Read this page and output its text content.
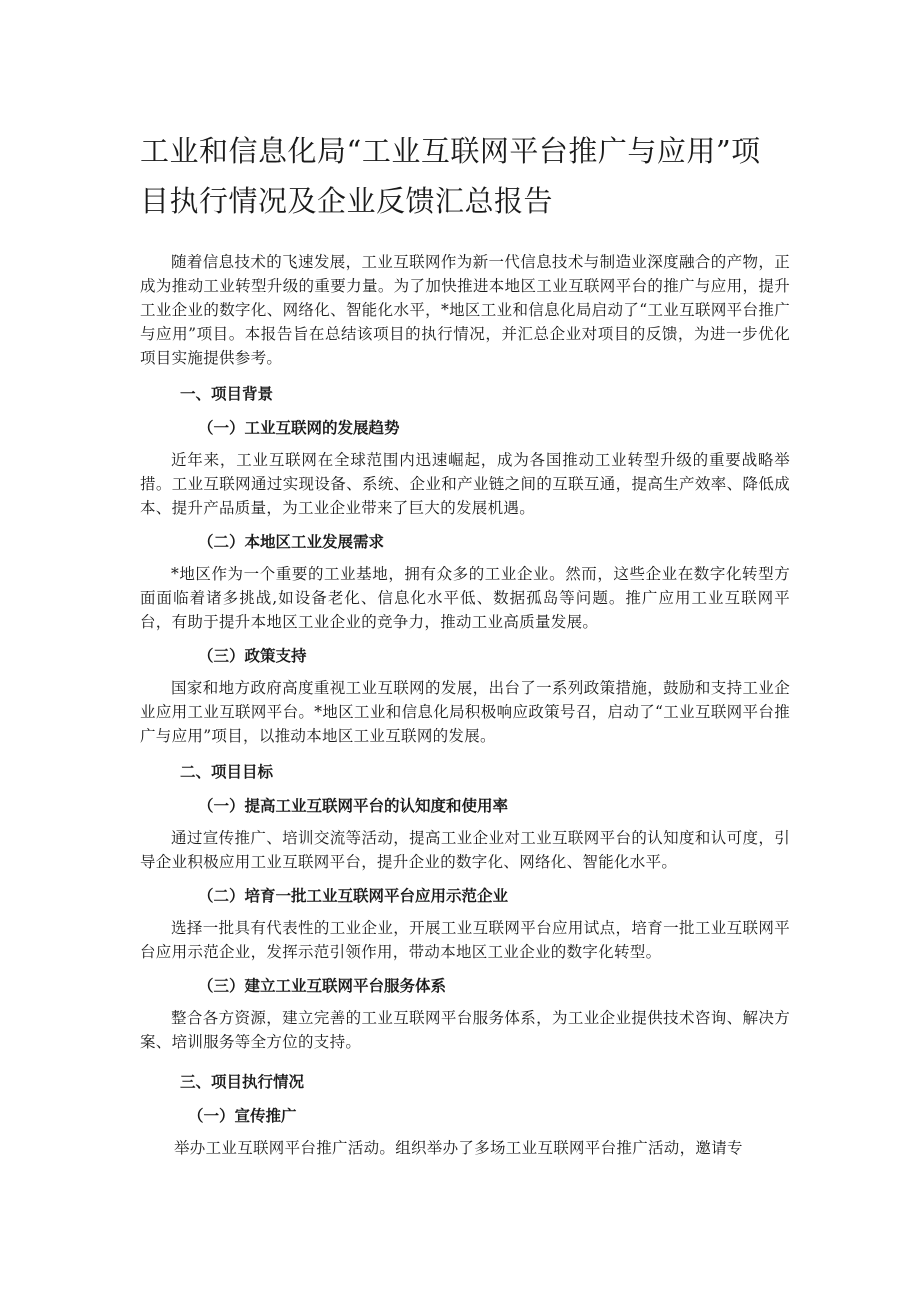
工业和信息化局“工业互联网平台推广与应用”项
目执行情况及企业反馈汇总报告

随着信息技术的飞速发展，工业互联网作为新一代信息技术与制造业深度融合的产物，正成为推动工业转型升级的重要力量。为了加快推进本地区工业互联网平台的推广与应用，提升工业企业的数字化、网络化、智能化水平，*地区工业和信息化局启动了“工业互联网平台推广与应用”项目。本报告旨在总结该项目的执行情况，并汇总企业对项目的反馈，为进一步优化项目实施提供参考。

一、项目背景
（一）工业互联网的发展趋势

近年来，工业互联网在全球范围内迅速崛起，成为各国推动工业转型升级的重要战略举措。工业互联网通过实现设备、系统、企业和产业链之间的互联互通，提高生产效率、降低成本、提升产品质量，为工业企业带来了巨大的发展机遇。

（二）本地区工业发展需求

*地区作为一个重要的工业基地，拥有众多的工业企业。然而，这些企业在数字化转型方面面临着诸多挑战,如设备老化、信息化水平低、数据孤岛等问题。推广应用工业互联网平台，有助于提升本地区工业企业的竞争力，推动工业高质量发展。

（三）政策支持

国家和地方政府高度重视工业互联网的发展，出台了一系列政策措施，鼓励和支持工业企业应用工业互联网平台。*地区工业和信息化局积极响应政策号召，启动了“工业互联网平台推广与应用”项目，以推动本地区工业互联网的发展。

二、项目目标
（一）提高工业互联网平台的认知度和使用率

通过宣传推广、培训交流等活动，提高工业企业对工业互联网平台的认知度和认可度，引导企业积极应用工业互联网平台，提升企业的数字化、网络化、智能化水平。

（二）培育一批工业互联网平台应用示范企业

选择一批具有代表性的工业企业，开展工业互联网平台应用试点，培育一批工业互联网平台应用示范企业，发挥示范引领作用，带动本地区工业企业的数字化转型。

（三）建立工业互联网平台服务体系

整合各方资源，建立完善的工业互联网平台服务体系，为工业企业提供技术咨询、解决方案、培训服务等全方位的支持。

三、项目执行情况
（一）宣传推广

举办工业互联网平台推广活动。组织举办了多场工业互联网平台推广活动，邀请专
